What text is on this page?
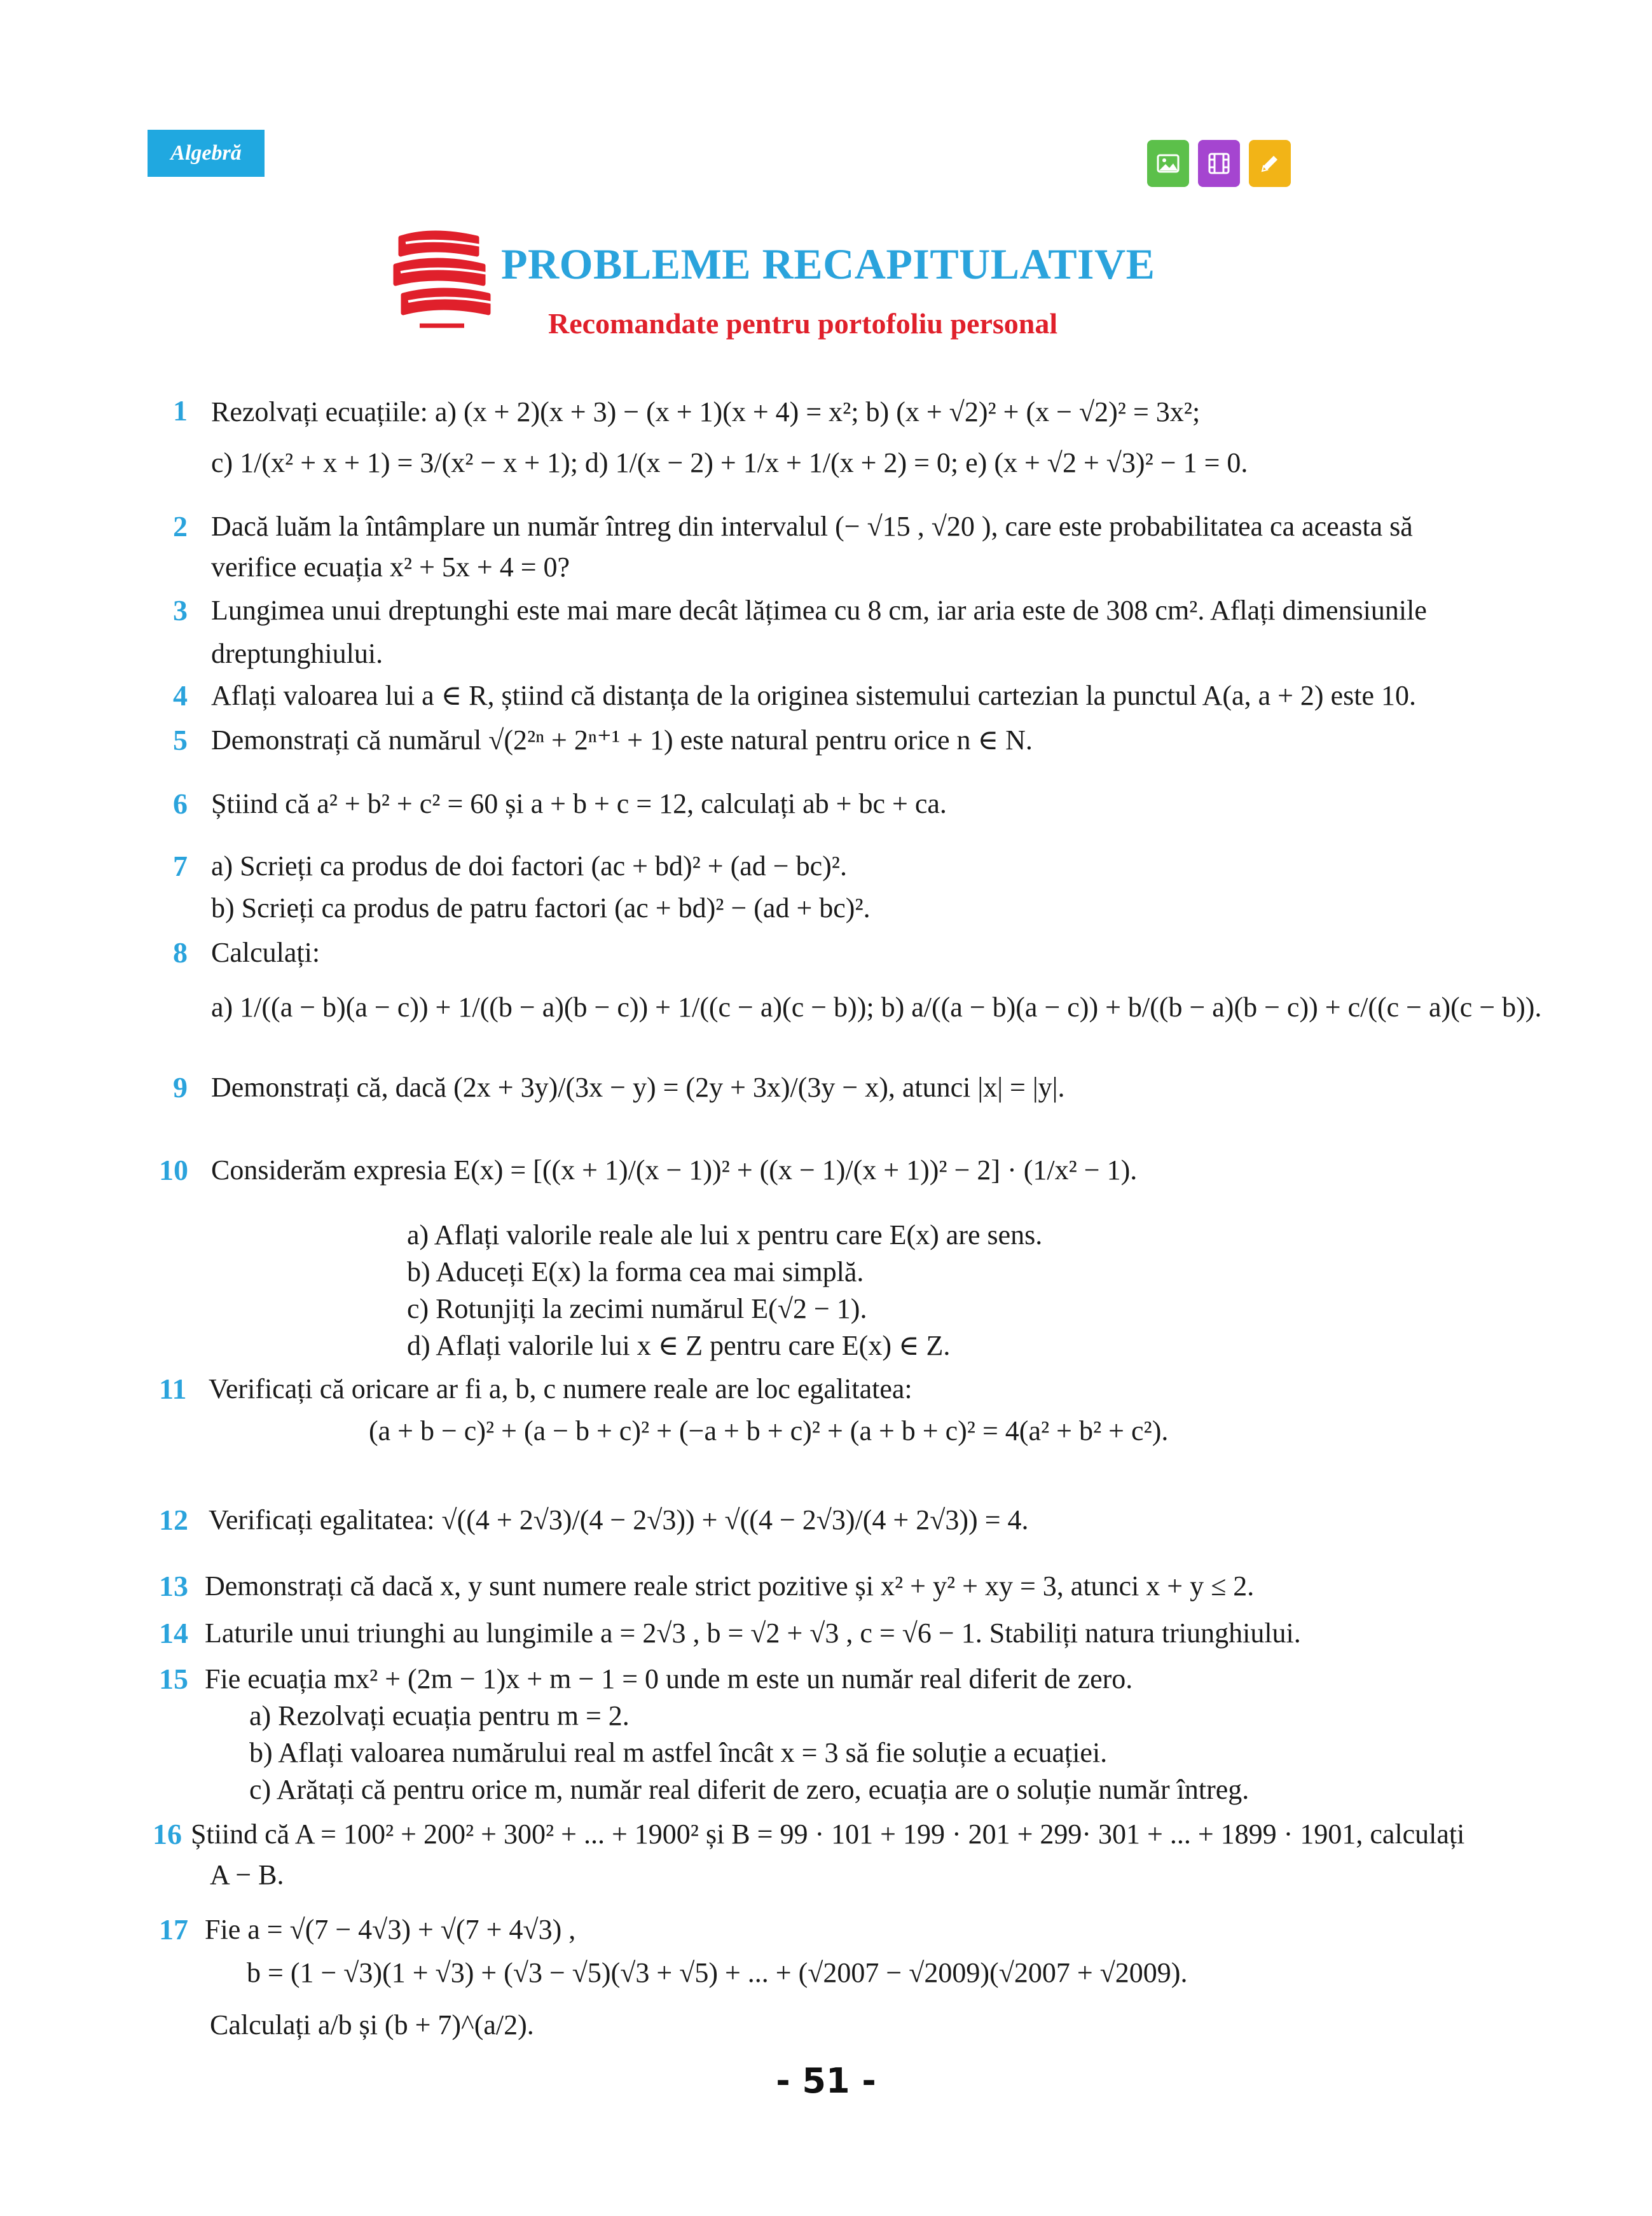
Algebră
PROBLEME RECAPITULATIVE
Recomandate pentru portofoliu personal
1 Rezolvați ecuațiile: a) (x + 2)(x + 3) − (x + 1)(x + 4) = x²; b) (x + √2)² + (x − √2)² = 3x²;
c) 1/(x² + x + 1) = 3/(x² − x + 1); d) 1/(x − 2) + 1/x + 1/(x + 2) = 0; e) (x + √2 + √3)² − 1 = 0.
2 Dacă luăm la întâmplare un număr întreg din intervalul (− √15 , √20 ), care este probabilitatea ca aceasta să
verifice ecuația x² + 5x + 4 = 0?
3 Lungimea unui dreptunghi este mai mare decât lățimea cu 8 cm, iar aria este de 308 cm². Aflați dimensiunile
dreptunghiului.
4 Aflați valoarea lui a ∈ R, știind că distanța de la originea sistemului cartezian la punctul A(a, a + 2) este 10.
5 Demonstrați că numărul √(2²ⁿ + 2ⁿ⁺¹ + 1) este natural pentru orice n ∈ N.
6 Știind că a² + b² + c² = 60 și a + b + c = 12, calculați ab + bc + ca.
7 a) Scrieți ca produs de doi factori (ac + bd)² + (ad − bc)².
b) Scrieți ca produs de patru factori (ac + bd)² − (ad + bc)².
8 Calculați:
a) 1/((a − b)(a − c)) + 1/((b − a)(b − c)) + 1/((c − a)(c − b)); b) a/((a − b)(a − c)) + b/((b − a)(b − c)) + c/((c − a)(c − b)).
9 Demonstrați că, dacă (2x + 3y)/(3x − y) = (2y + 3x)/(3y − x), atunci |x| = |y|.
10 Considerăm expresia E(x) = [((x + 1)/(x − 1))² + ((x − 1)/(x + 1))² − 2] · (1/x² − 1).
a) Aflați valorile reale ale lui x pentru care E(x) are sens.
b) Aduceți E(x) la forma cea mai simplă.
c) Rotunjiți la zecimi numărul E(√2 − 1).
d) Aflați valorile lui x ∈ Z pentru care E(x) ∈ Z.
11 Verificați că oricare ar fi a, b, c numere reale are loc egalitatea:
(a + b − c)² + (a − b + c)² + (−a + b + c)² + (a + b + c)² = 4(a² + b² + c²).
12 Verificați egalitatea: √((4 + 2√3)/(4 − 2√3)) + √((4 − 2√3)/(4 + 2√3)) = 4.
13 Demonstrați că dacă x, y sunt numere reale strict pozitive și x² + y² + xy = 3, atunci x + y ≤ 2.
14 Laturile unui triunghi au lungimile a = 2√3 , b = √2 + √3 , c = √6 − 1. Stabiliți natura triunghiului.
15 Fie ecuația mx² + (2m − 1)x + m − 1 = 0 unde m este un număr real diferit de zero.
a) Rezolvați ecuația pentru m = 2.
b) Aflați valoarea numărului real m astfel încât x = 3 să fie soluție a ecuației.
c) Arătați că pentru orice m, număr real diferit de zero, ecuația are o soluție număr întreg.
16 Știind că A = 100² + 200² + 300² + ... + 1900² și B = 99 · 101 + 199 · 201 + 299· 301 + ... + 1899 · 1901, calculați
A − B.
17 Fie a = √(7 − 4√3) + √(7 + 4√3) ,
b = (1 − √3)(1 + √3) + (√3 − √5)(√3 + √5) + ... + (√2007 − √2009)(√2007 + √2009).
Calculați a/b și (b + 7)^(a/2).
- 51 -
